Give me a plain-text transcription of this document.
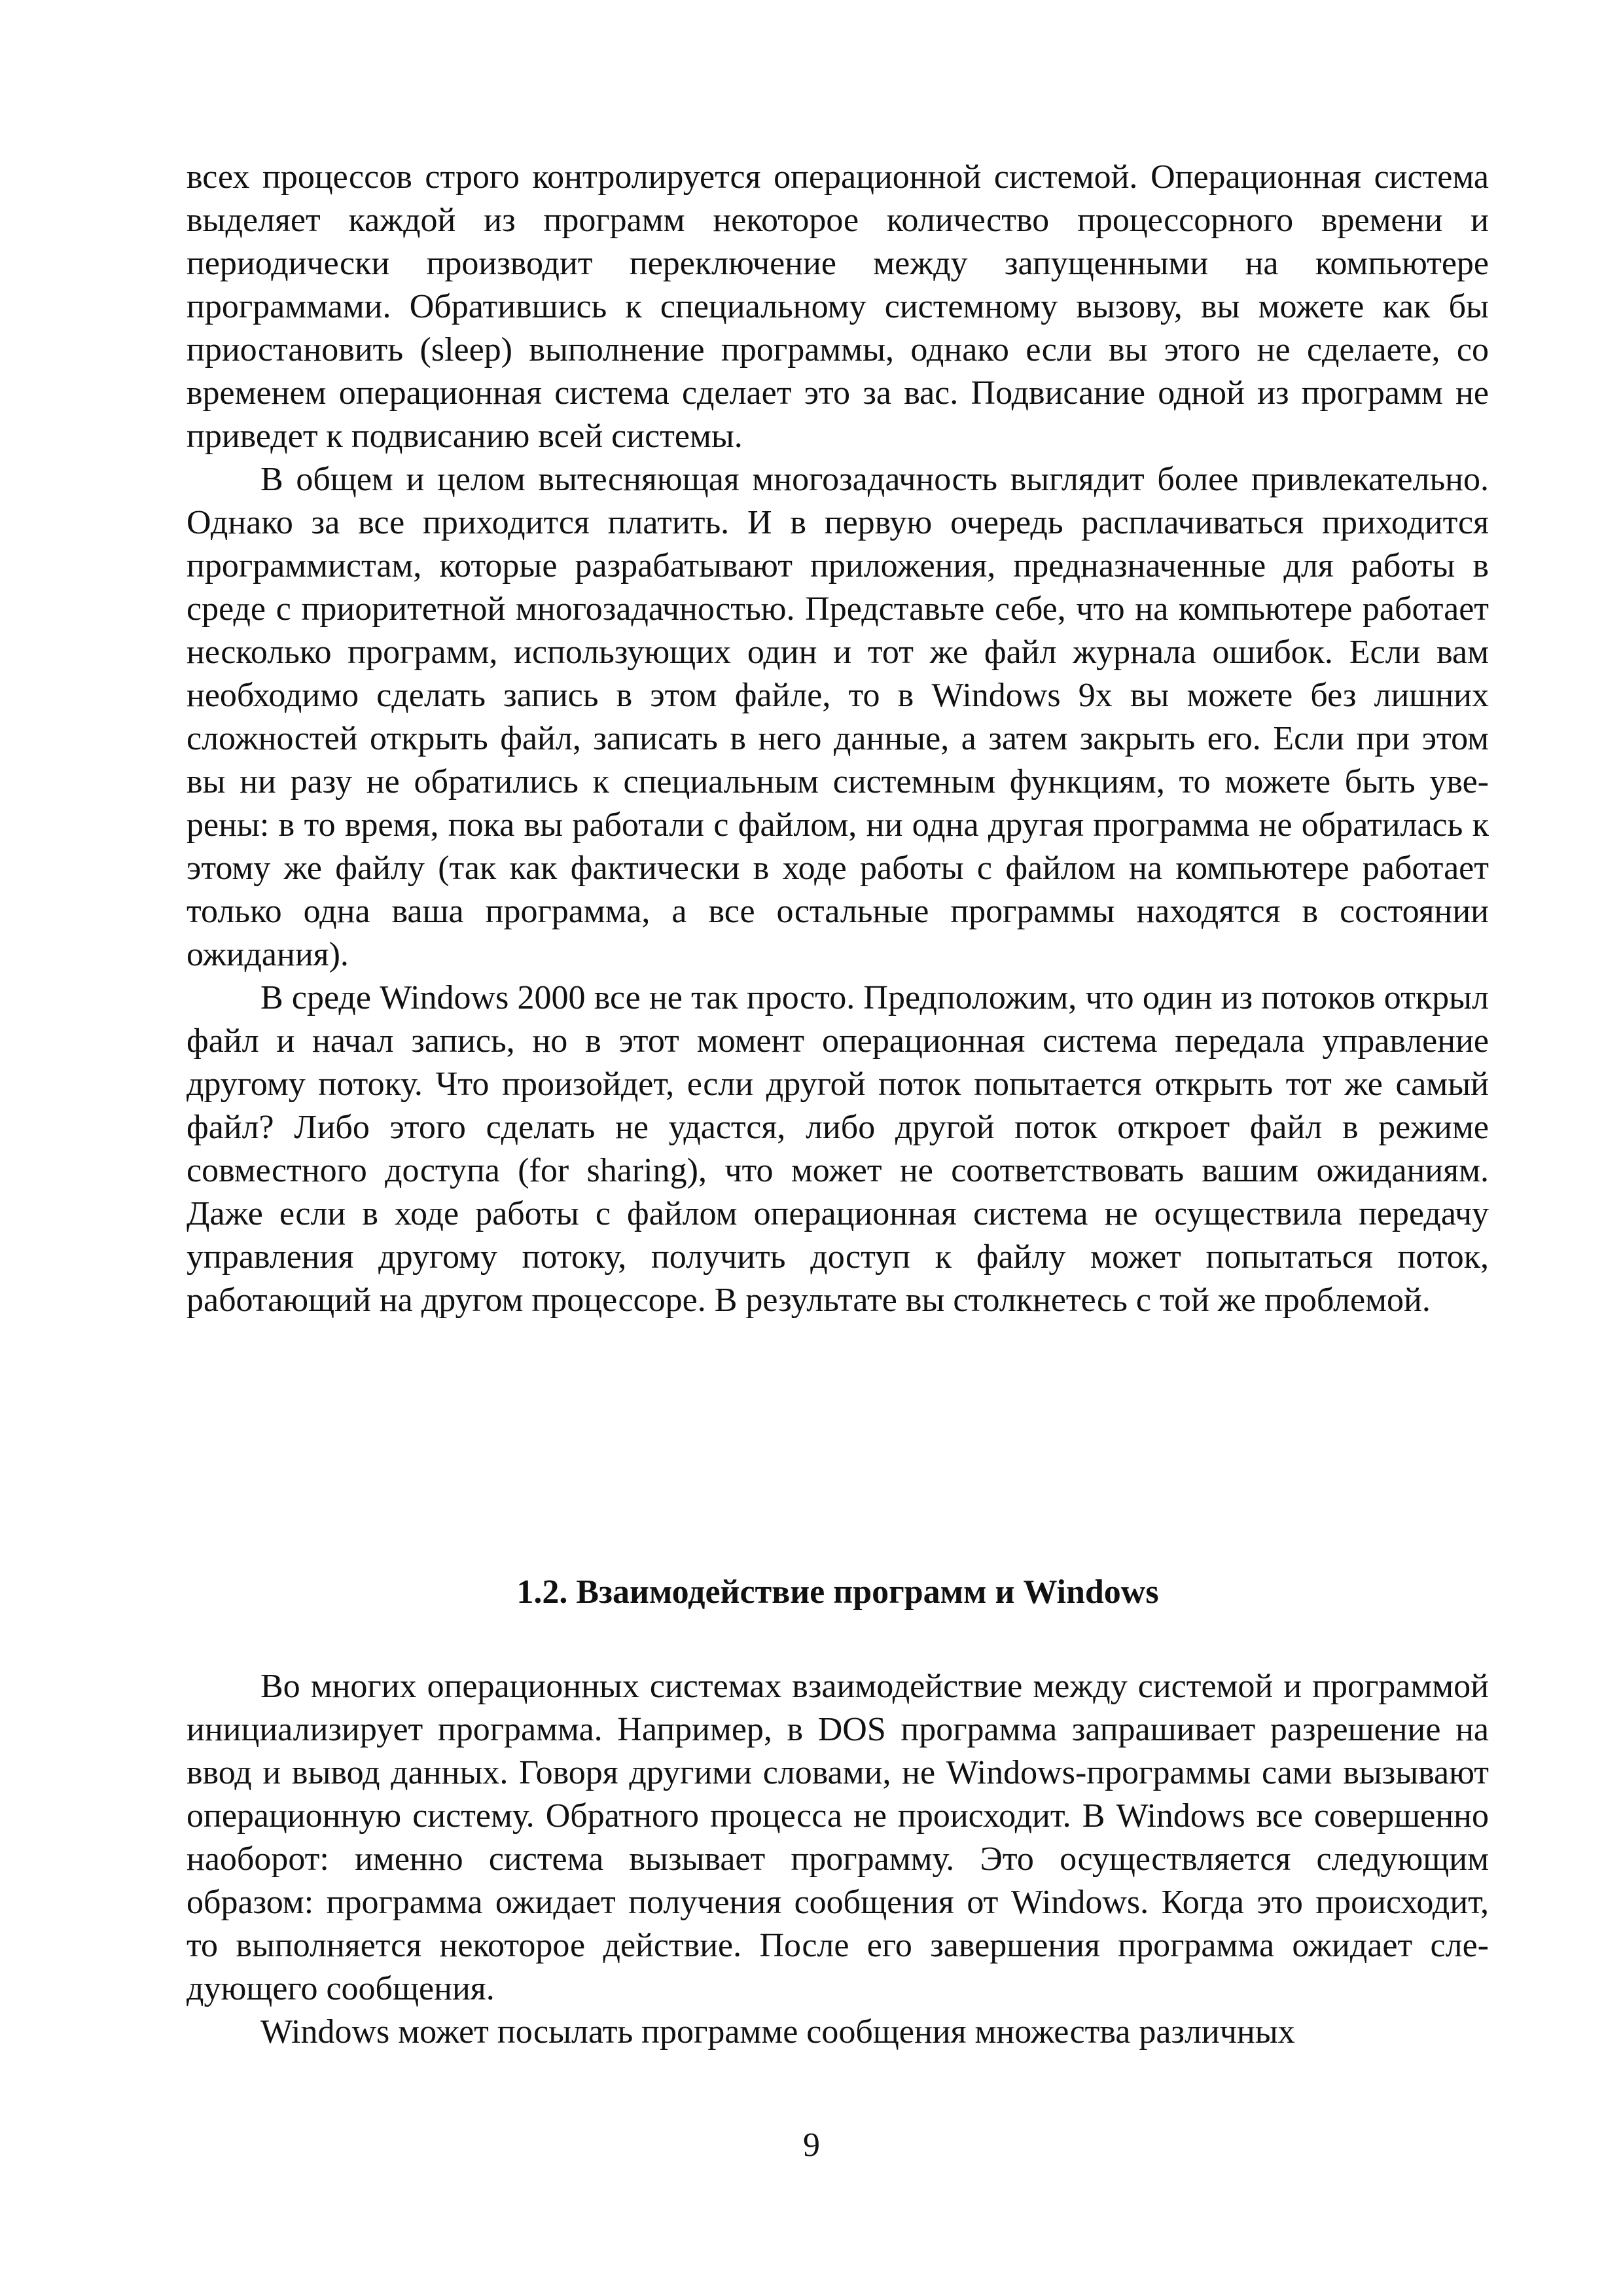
всех процессов строго контролируется операционной системой. Операционная система выделяет каждой из программ некоторое количество процессорного времени и периодически производит переключение между запущенными на компьютере программами. Обратившись к специальному системному вызову, вы можете как бы приостановить (sleep) выполнение программы, однако если вы этого не сделаете, со временем операционная система сделает это за вас. Подвисание одной из программ не приведет к подвисанию всей системы.

В общем и целом вытесняющая многозадачность выглядит более привлекательно. Однако за все приходится платить. И в первую очередь расплачиваться приходится программистам, которые разрабатывают приложения, предназначенные для работы в среде с приоритетной многозадачностью. Представьте себе, что на компьютере работает несколько программ, использующих один и тот же файл журнала ошибок. Если вам необходимо сделать запись в этом файле, то в Windows 9x вы можете без лишних сложностей открыть файл, записать в него данные, а затем закрыть его. Если при этом вы ни разу не обратились к специальным системным функциям, то можете быть уверены: в то время, пока вы работали с файлом, ни одна другая программа не обратилась к этому же файлу (так как фактически в ходе работы с файлом на компьютере работает только одна ваша программа, а все остальные программы находятся в состоянии ожидания).

В среде Windows 2000 все не так просто. Предположим, что один из потоков открыл файл и начал запись, но в этот момент операционная система передала управление другому потоку. Что произойдет, если другой поток попытается открыть тот же самый файл? Либо этого сделать не удастся, либо другой поток откроет файл в режиме совместного доступа (for sharing), что может не соответствовать вашим ожиданиям. Даже если в ходе работы с файлом операционная система не осуществила передачу управления другому потоку, получить доступ к файлу может попытаться поток, работающий на другом процессоре. В результате вы столкнетесь с той же проблемой.

1.2. Взаимодействие программ и Windows

Во многих операционных системах взаимодействие между системой и программой инициализирует программа. Например, в DOS программа запрашивает разрешение на ввод и вывод данных. Говоря другими словами, не Windows-программы сами вызывают операционную систему. Обратного процесса не происходит. В Windows все совершенно наоборот: именно система вызывает программу. Это осуществляется следующим образом: программа ожидает получения сообщения от Windows. Когда это происходит, то выполняется некоторое действие. После его завершения программа ожидает следующего сообщения.

Windows может посылать программе сообщения множества различных

9
